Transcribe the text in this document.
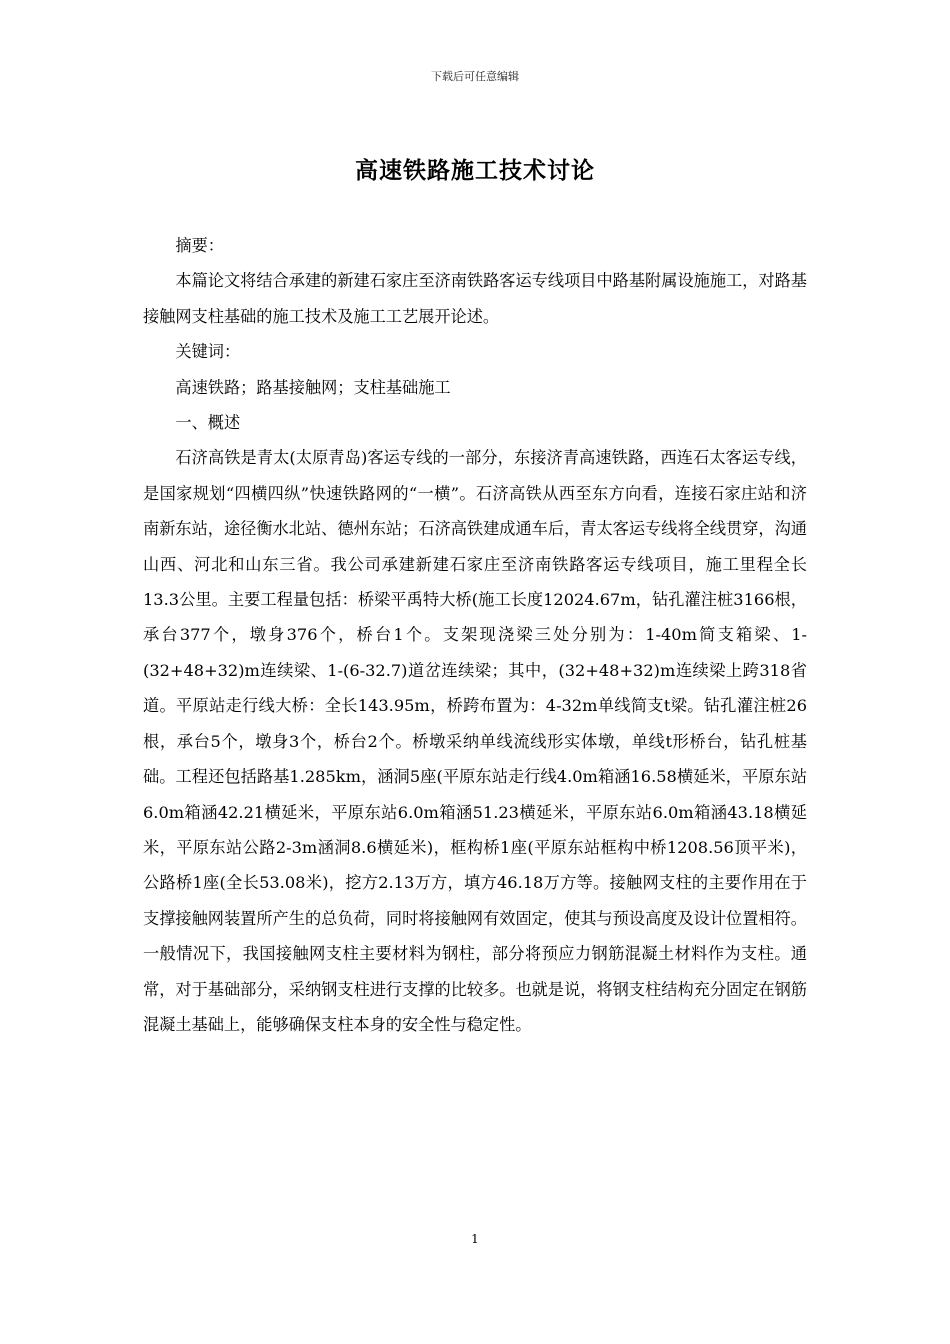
下载后可任意编辑
高速铁路施工技术讨论

摘要：

本篇论文将结合承建的新建石家庄至济南铁路客运专线项目中路基附属设施施工，对路基接触网支柱基础的施工技术及施工工艺展开论述。

关键词：

高速铁路；路基接触网；支柱基础施工

一、概述

石济高铁是青太(太原青岛)客运专线的一部分，东接济青高速铁路，西连石太客运专线，是国家规划“四横四纵”快速铁路网的“一横”。石济高铁从西至东方向看，连接石家庄站和济南新东站，途径衡水北站、德州东站；石济高铁建成通车后，青太客运专线将全线贯穿，沟通山西、河北和山东三省。我公司承建新建石家庄至济南铁路客运专线项目，施工里程全长13.3公里。主要工程量包括：桥梁平禹特大桥(施工长度12024.67m，钻孔灌注桩3166根，承台377个，墩身376个，桥台1个。支架现浇梁三处分别为：1-40m简支箱梁、1-(32+48+32)m连续梁、1-(6-32.7)道岔连续梁；其中，(32+48+32)m连续梁上跨318省道。平原站走行线大桥：全长143.95m，桥跨布置为：4-32m单线简支t梁。钻孔灌注桩26根，承台5个，墩身3个，桥台2个。桥墩采纳单线流线形实体墩，单线t形桥台，钻孔桩基础。工程还包括路基1.285km，涵洞5座(平原东站走行线4.0m箱涵16.58横延米，平原东站6.0m箱涵42.21横延米，平原东站6.0m箱涵51.23横延米，平原东站6.0m箱涵43.18横延米，平原东站公路2-3m涵洞8.6横延米)，框构桥1座(平原东站框构中桥1208.56顶平米)，公路桥1座(全长53.08米)，挖方2.13万方，填方46.18万方等。接触网支柱的主要作用在于支撑接触网装置所产生的总负荷，同时将接触网有效固定，使其与预设高度及设计位置相符。一般情况下，我国接触网支柱主要材料为钢柱，部分将预应力钢筋混凝土材料作为支柱。通常，对于基础部分，采纳钢支柱进行支撑的比较多。也就是说，将钢支柱结构充分固定在钢筋混凝土基础上，能够确保支柱本身的安全性与稳定性。

1
